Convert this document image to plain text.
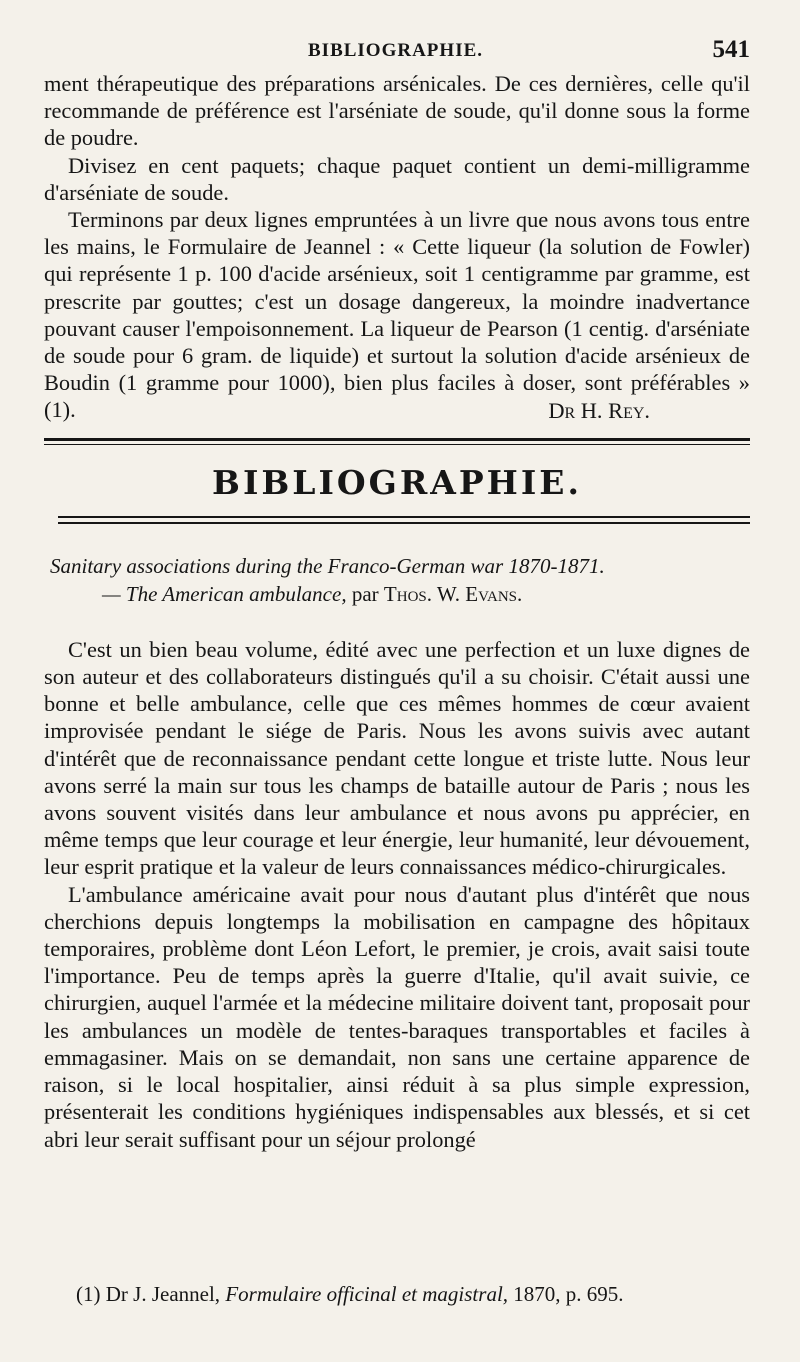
BIBLIOGRAPHIE.	541

ment thérapeutique des préparations arsénicales. De ces dernières, celle qu'il recommande de préférence est l'arséniate de soude, qu'il donne sous la forme de poudre.

Divisez en cent paquets; chaque paquet contient un demi-milligramme d'arséniate de soude.

Terminons par deux lignes empruntées à un livre que nous avons tous entre les mains, le Formulaire de Jeannel : « Cette liqueur (la solution de Fowler) qui représente 1 p. 100 d'acide arsénieux, soit 1 centigramme par gramme, est prescrite par gouttes; c'est un dosage dangereux, la moindre inadvertance pouvant causer l'empoisonnement. La liqueur de Pearson (1 centig. d'arséniate de soude pour 6 gram. de liquide) et surtout la solution d'acide arsénieux de Boudin (1 gramme pour 1000), bien plus faciles à doser, sont préférables » (1).	Dr H. Rey.
BIBLIOGRAPHIE.
Sanitary associations during the Franco-German war 1870-1871.
— The American ambulance, par Thos. W. Evans.

C'est un bien beau volume, édité avec une perfection et un luxe dignes de son auteur et des collaborateurs distingués qu'il a su choisir. C'était aussi une bonne et belle ambulance, celle que ces mêmes hommes de cœur avaient improvisée pendant le siége de Paris. Nous les avons suivis avec autant d'intérêt que de reconnaissance pendant cette longue et triste lutte. Nous leur avons serré la main sur tous les champs de bataille autour de Paris ; nous les avons souvent visités dans leur ambulance et nous avons pu apprécier, en même temps que leur courage et leur énergie, leur humanité, leur dévouement, leur esprit pratique et la valeur de leurs connaissances médico-chirurgicales.

L'ambulance américaine avait pour nous d'autant plus d'intérêt que nous cherchions depuis longtemps la mobilisation en campagne des hôpitaux temporaires, problème dont Léon Lefort, le premier, je crois, avait saisi toute l'importance. Peu de temps après la guerre d'Italie, qu'il avait suivie, ce chirurgien, auquel l'armée et la médecine militaire doivent tant, proposait pour les ambulances un modèle de tentes-baraques transportables et faciles à emmagasiner. Mais on se demandait, non sans une certaine apparence de raison, si le local hospitalier, ainsi réduit à sa plus simple expression, présenterait les conditions hygiéniques indispensables aux blessés, et si cet abri leur serait suffisant pour un séjour prolongé

(1) Dr J. Jeannel, Formulaire officinal et magistral, 1870, p. 695.
